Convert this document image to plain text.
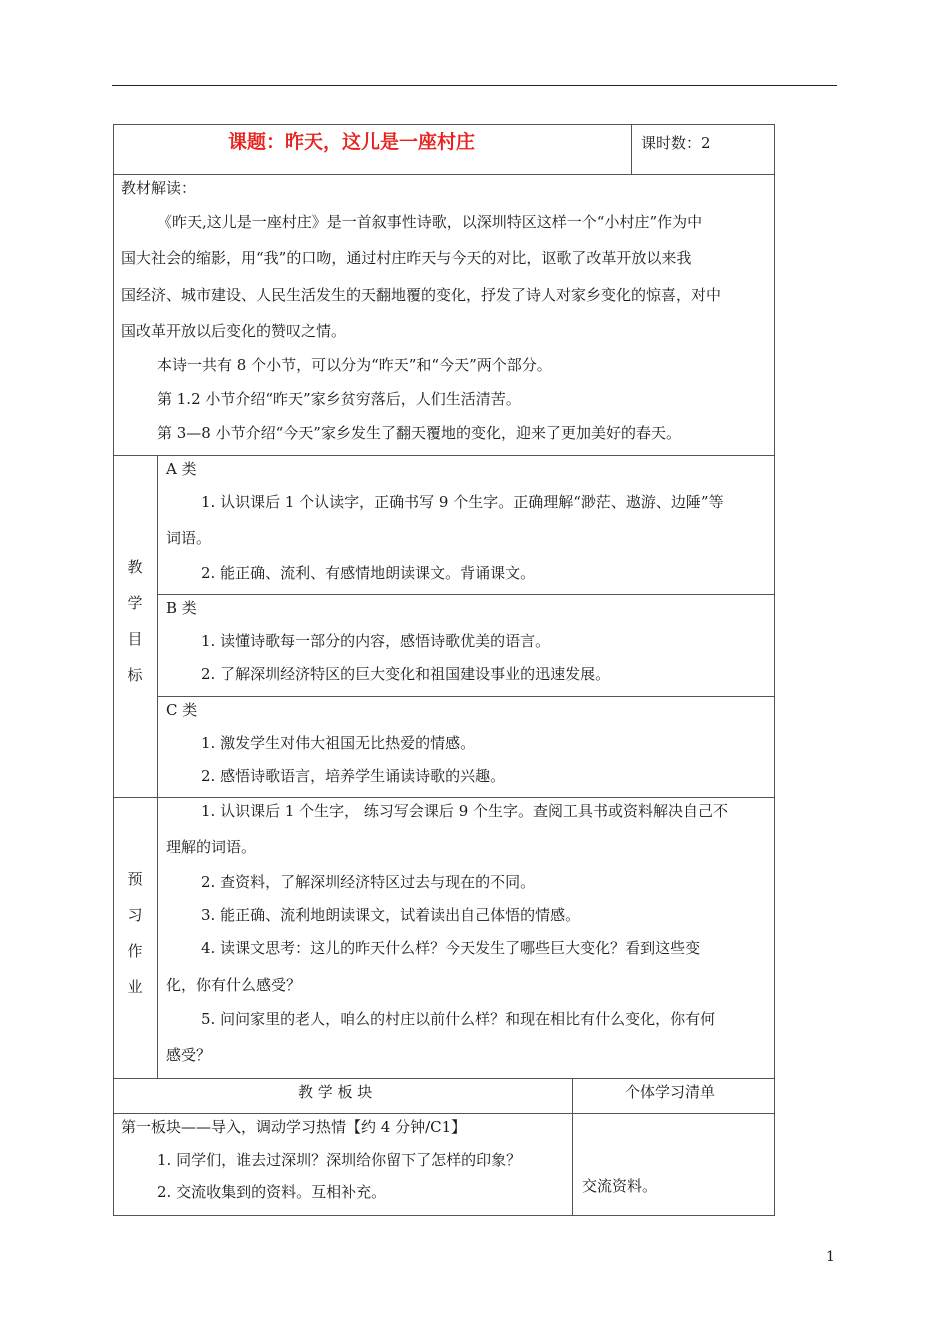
课题：昨天，这儿是一座村庄	课时数：2
教材解读：
《昨天,这儿是一座村庄》是一首叙事性诗歌，以深圳特区这样一个“小村庄”作为中
国大社会的缩影，用“我”的口吻，通过村庄昨天与今天的对比，讴歌了改革开放以来我
国经济、城市建设、人民生活发生的天翻地覆的变化，抒发了诗人对家乡变化的惊喜，对中
国改革开放以后变化的赞叹之情。
本诗一共有 8 个小节，可以分为“昨天”和“今天”两个部分。
第 1.2 小节介绍“昨天”家乡贫穷落后，人们生活清苦。
第 3—8 小节介绍“今天”家乡发生了翻天覆地的变化，迎来了更加美好的春天。
教
学
目
标
A 类
1. 认识课后 1 个认读字，正确书写 9 个生字。正确理解“渺茫、遨游、边陲”等
词语。
2. 能正确、流利、有感情地朗读课文。背诵课文。
B 类
1. 读懂诗歌每一部分的内容，感悟诗歌优美的语言。
2. 了解深圳经济特区的巨大变化和祖国建设事业的迅速发展。
C 类
1. 激发学生对伟大祖国无比热爱的情感。
2. 感悟诗歌语言，培养学生诵读诗歌的兴趣。
预
习
作
业
1. 认识课后 1 个生字， 练习写会课后 9 个生字。查阅工具书或资料解决自己不
理解的词语。
2. 查资料，了解深圳经济特区过去与现在的不同。
3. 能正确、流利地朗读课文，试着读出自己体悟的情感。
4. 读课文思考：这儿的昨天什么样？今天发生了哪些巨大变化？看到这些变
化，你有什么感受？
5. 问问家里的老人，咱么的村庄以前什么样？和现在相比有什么变化，你有何
感受？
教 学 板 块	个体学习清单
第一板块——导入，调动学习热情【约 4 分钟/C1】
1. 同学们，谁去过深圳？深圳给你留下了怎样的印象？
2. 交流收集到的资料。互相补充。	交流资料。
1
